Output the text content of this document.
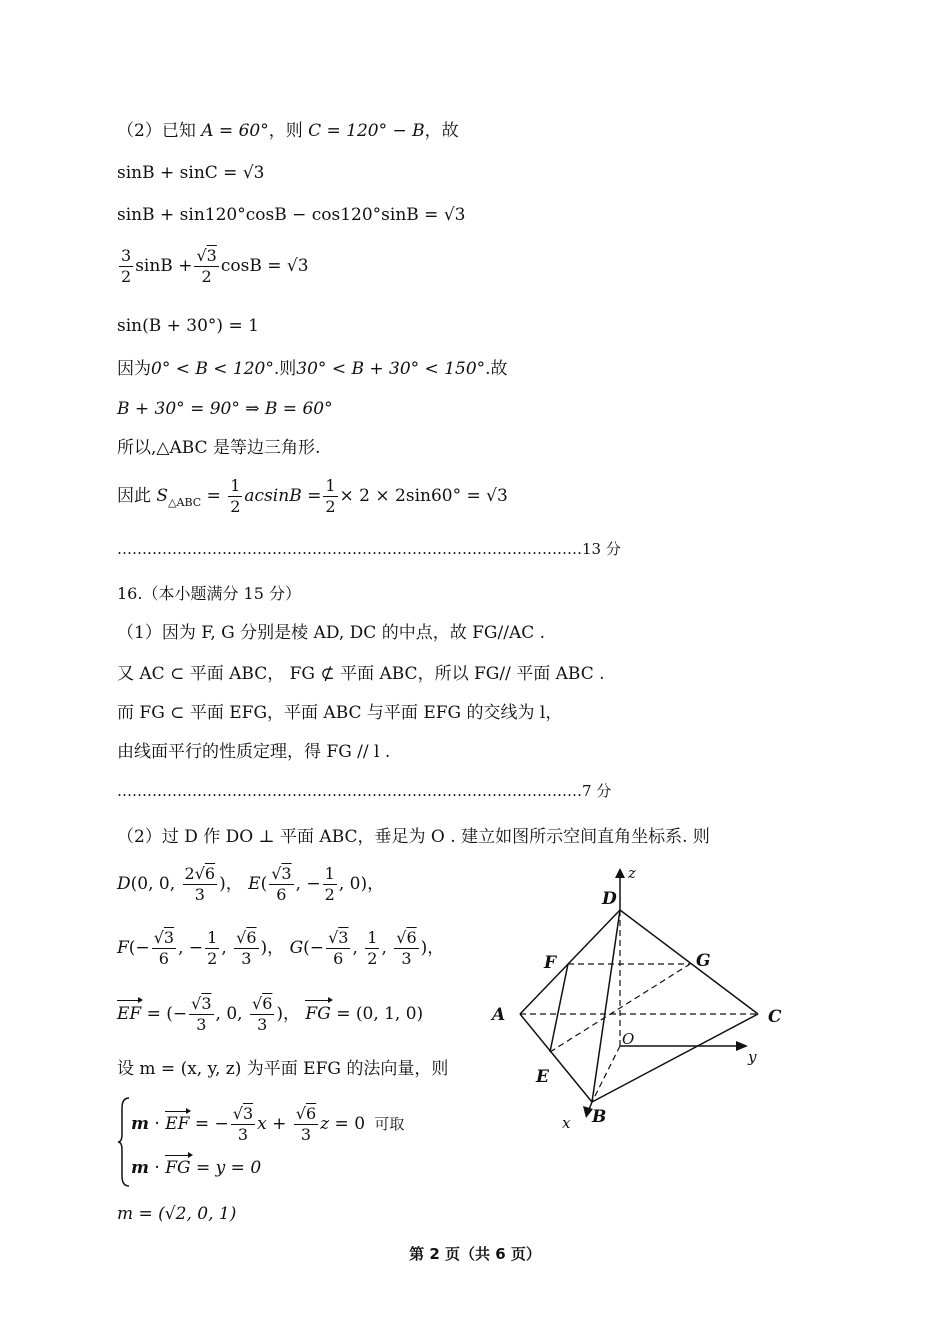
（2）已知 A = 60°，则 C = 120° − B，故
sinB + sinC = √3
sinB + sin120°cosB − cos120°sinB = √3
$\frac{3}{2}$ $\sin B + \frac{√3}{2}$ cosB = √3
sin(B + 30°) = 1
因为0° < B < 120°.则30° < B + 30° < 150°.故
B + 30° = 90° ⇒ B = 60°
所以,△ABC 是等边三角形.
因此 $S_{\triangle ABC} = \frac{1}{2}$ $acsinB = \frac{1}{2} \times 2 \times 2\sin 60^\circ = √3$
…………………………………………………………………………………13 分
16.（本小题满分 15 分）
（1）因为 F, G 分别是棱 AD, DC 的中点，故 FG//AC .
又 AC ⊂ 平面 ABC， FG ⊄ 平面 ABC，所以 FG// 平面 ABC .
而 FG ⊂ 平面 EFG，平面 ABC 与平面 EFG 的交线为 l，
由线面平行的性质定理，得 FG // l .
…………………………………………………………………………………7 分
（2）过 D 作 DO ⊥ 平面 ABC，垂足为 O . 建立如图所示空间直角坐标系. 则
D(0, 0, $\frac{2√6}{3}$ )， $E( \frac{√3}{6}$ , − $\frac{1}{2}$ , 0)，
$F(- \frac{√3}{6}$ , − $\frac{1}{2}$ , $\frac{√6}{3}$ )， $G(- \frac{√3}{6}$ , $\frac{1}{2}$ , $\frac{√6}{3}$ )，
EF = (− $\frac{√3}{3}$ , 0, $\frac{√6}{3}$ )， FG = (0, 1, 0)
设 m = (x, y, z) 为平面 EFG 的法向量，则
m · EF = − $\frac{√3}{3}$ $x + \frac{√6}{3}$ z = 0 可取
m · FG = y = 0
m = (√2, 0, 1)
D
G
F
A	C
E
B
O
z
y
x
第 2 页（共 6 页）
